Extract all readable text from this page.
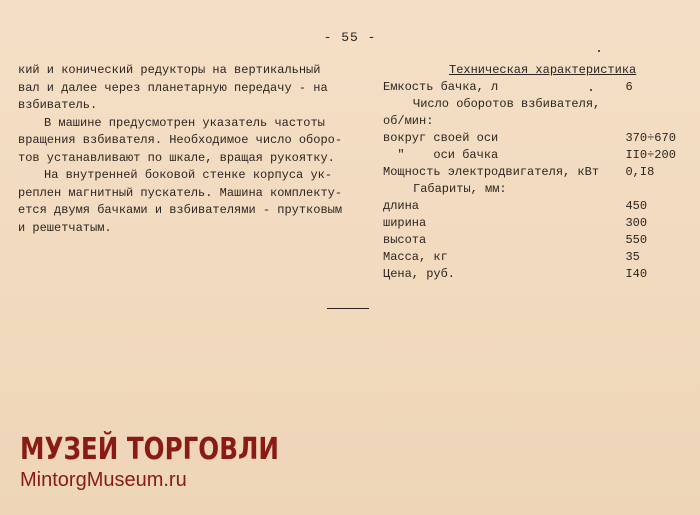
- 55 -
кий и конический редукторы на вертикальный
вал и далее через планетарную передачу - на
взбиватель.
В машине предусмотрен указатель частоты
вращения взбивателя. Необходимое число оборо-
тов устанавливают по шкале, вращая рукоятку.
На внутренней боковой стенке корпуса ук-
реплен магнитный пускатель. Машина комплекту-
ется двумя бачками и взбивателями - прутковым
и решетчатым.
Техническая характеристика
Емкость бачка, л	6
Число оборотов взбивателя,
об/мин:
вокруг своей оси	370÷670
"    оси бачка	II0÷200
Мощность электродвигателя, кВт	0,I8
Габариты, мм:
длина	450
ширина	300
высота	550
Масса, кг	35
Цена, руб.	I40
МУЗЕЙ ТОРГОВЛИ
MintorgMuseum.ru
